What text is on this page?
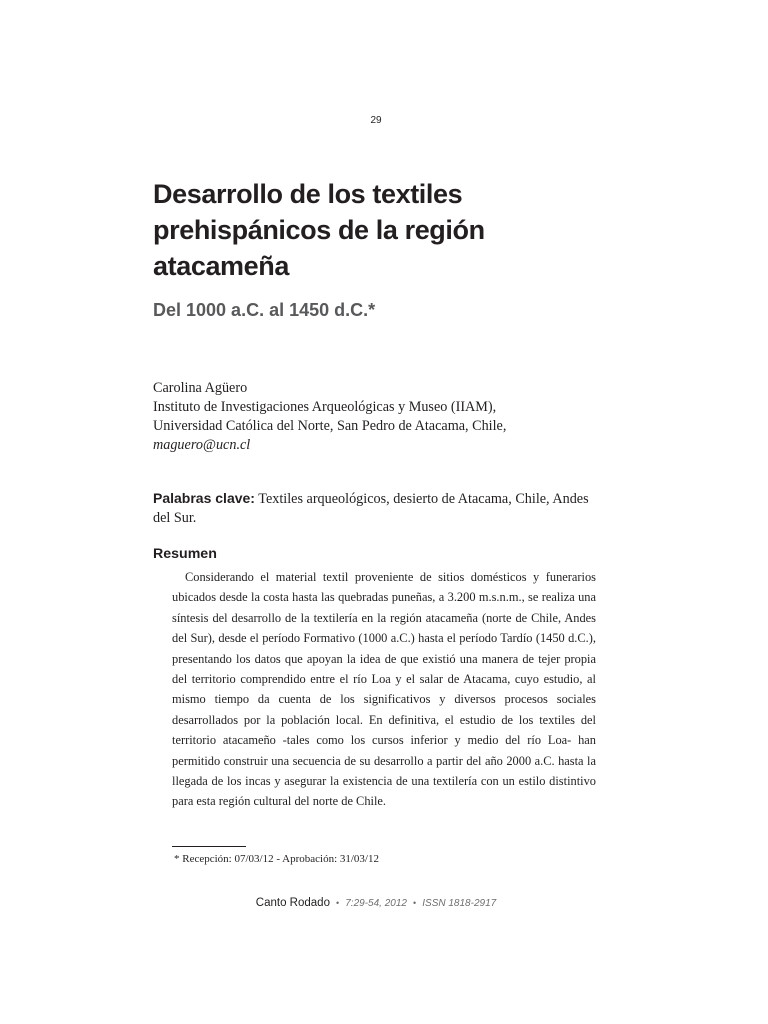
29
Desarrollo de los textiles
prehispánicos de la región
atacameña
Del 1000 a.C. al 1450 d.C.*
Carolina Agüero
Instituto de Investigaciones Arqueológicas y Museo (IIAM),
Universidad Católica del Norte, San Pedro de Atacama, Chile,
maguero@ucn.cl
Palabras clave: Textiles arqueológicos, desierto de Atacama, Chile, Andes del Sur.
Resumen

Considerando el material textil proveniente de sitios domésticos y funerarios ubicados desde la costa hasta las quebradas puneñas, a 3.200 m.s.n.m., se realiza una síntesis del desarrollo de la textilería en la región atacameña (norte de Chile, Andes del Sur), desde el período Formativo (1000 a.C.) hasta el período Tardío (1450 d.C.), presentando los datos que apoyan la idea de que existió una manera de tejer propia del territorio comprendido entre el río Loa y el salar de Atacama, cuyo estudio, al mismo tiempo da cuenta de los significativos y diversos procesos sociales desarrollados por la población local. En definitiva, el estudio de los textiles del territorio atacameño -tales como los cursos inferior y medio del río Loa- han permitido construir una secuencia de su desarrollo a partir del año 2000 a.C. hasta la llegada de los incas y asegurar la existencia de una textilería con un estilo distintivo para esta región cultural del norte de Chile.

* Recepción: 07/03/12 - Aprobación: 31/03/12
Canto Rodado • 7:29-54, 2012 • ISSN 1818-2917
